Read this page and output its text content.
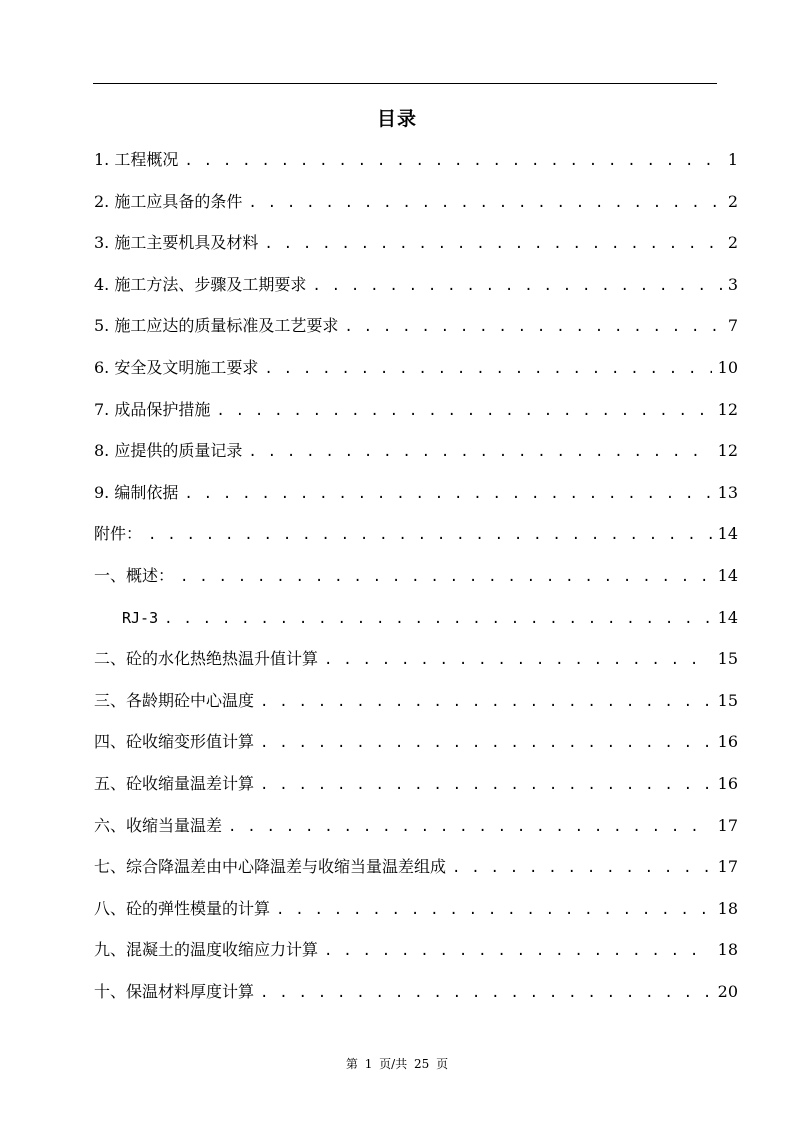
目录
1. 工程概况 . . .	1
2. 施工应具备的条件 . . .	2
3. 施工主要机具及材料 . . .	2
4. 施工方法、步骤及工期要求 . . .	3
5. 施工应达的质量标准及工艺要求 . . .	7
6. 安全及文明施工要求 . . .	10
7. 成品保护措施 . . .	12
8. 应提供的质量记录 . . .	12
9. 编制依据 . . .	13
附件： . . .	14
一、概述： . . .	14
RJ-3 . . .	14
二、砼的水化热绝热温升值计算 . . .	15
三、各龄期砼中心温度 . . .	15
四、砼收缩变形值计算 . . .	16
五、砼收缩量温差计算 . . .	16
六、收缩当量温差 . . .	17
七、综合降温差由中心降温差与收缩当量温差组成 . . .	17
八、砼的弹性模量的计算 . . .	18
九、混凝土的温度收缩应力计算 . . .	18
十、保温材料厚度计算 . . .	20
第 1 页/共 25 页
